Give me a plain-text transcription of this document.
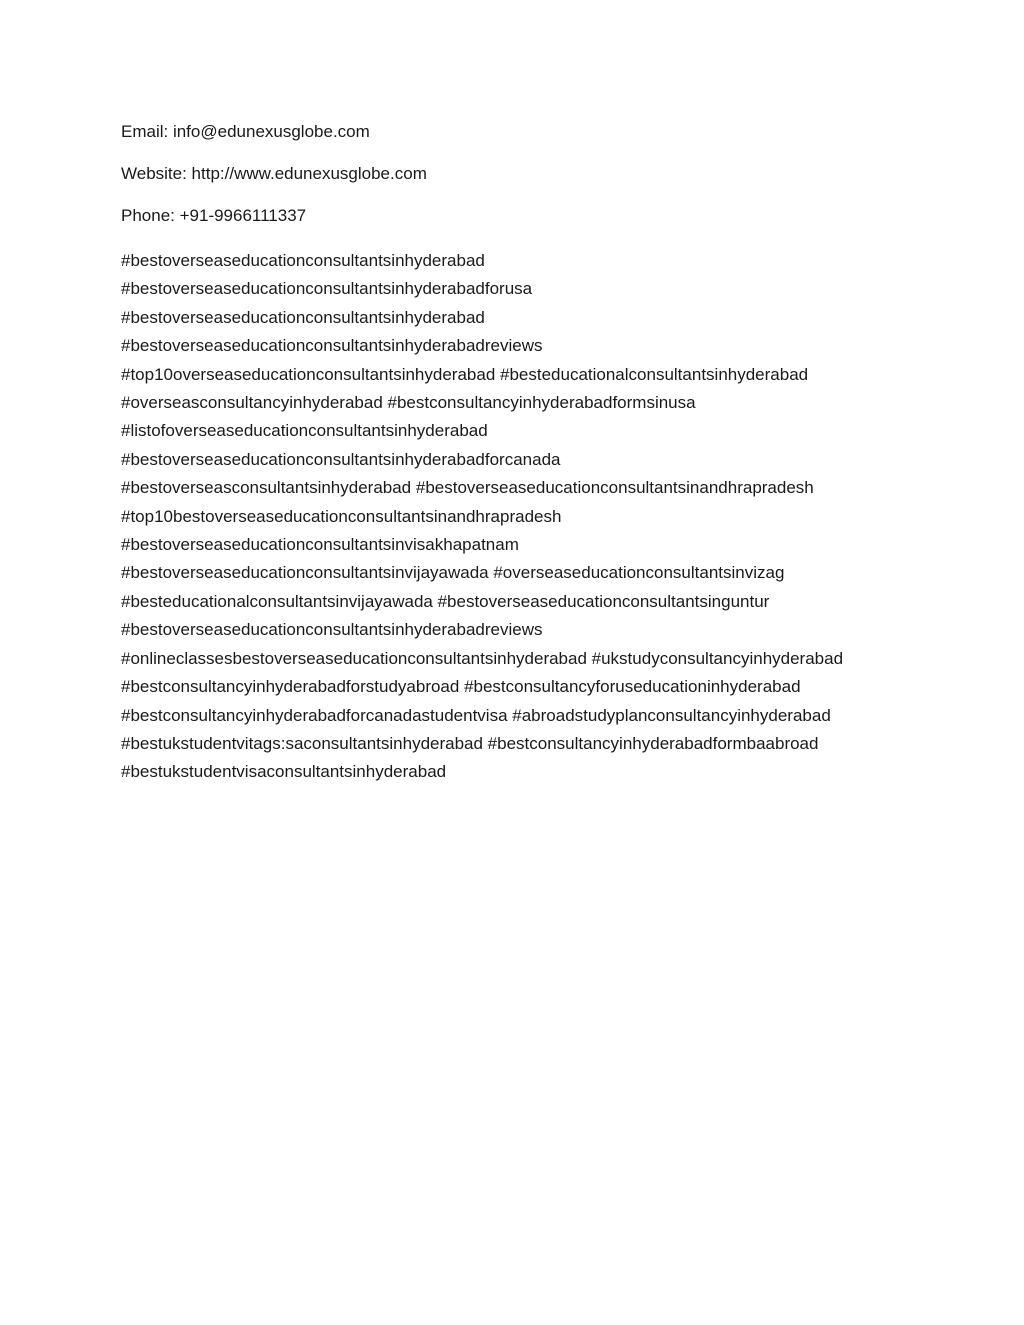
Email: info@edunexusglobe.com

Website: http://www.edunexusglobe.com

Phone: +91-9966111337

#bestoverseaseducationconsultantsinhyderabad
#bestoverseaseducationconsultantsinhyderabadforusa
#bestoverseaseducationconsultantsinhyderabad
#bestoverseaseducationconsultantsinhyderabadreviews
#top10overseaseducationconsultantsinhyderabad #besteducationalconsultantsinhyderabad
#overseasconsultancyinhyderabad #bestconsultancyinhyderabadformsinusa
#listofoverseaseducationconsultantsinhyderabad
#bestoverseaseducationconsultantsinhyderabadforcanada
#bestoverseasconsultantsinhyderabad #bestoverseaseducationconsultantsinandhrapradesh
#top10bestoverseaseducationconsultantsinandhrapradesh
#bestoverseaseducationconsultantsinvisakhapatnam
#bestoverseaseducationconsultantsinvijayawada #overseaseducationconsultantsinvizag
#besteducationalconsultantsinvijayawada #bestoverseaseducationconsultantsinguntur
#bestoverseaseducationconsultantsinhyderabadreviews
#onlineclassesbestoverseaseducationconsultantsinhyderabad #ukstudyconsultancyinhyderabad
#bestconsultancyinhyderabadforstudyabroad #bestconsultancyforuseducationinhyderabad
#bestconsultancyinhyderabadforcanadastudentvisa #abroadstudyplanconsultancyinhyderabad
#bestukstudentvitags:saconsultantsinhyderabad #bestconsultancyinhyderabadformbaabroad
#bestukstudentvisaconsultantsinhyderabad
